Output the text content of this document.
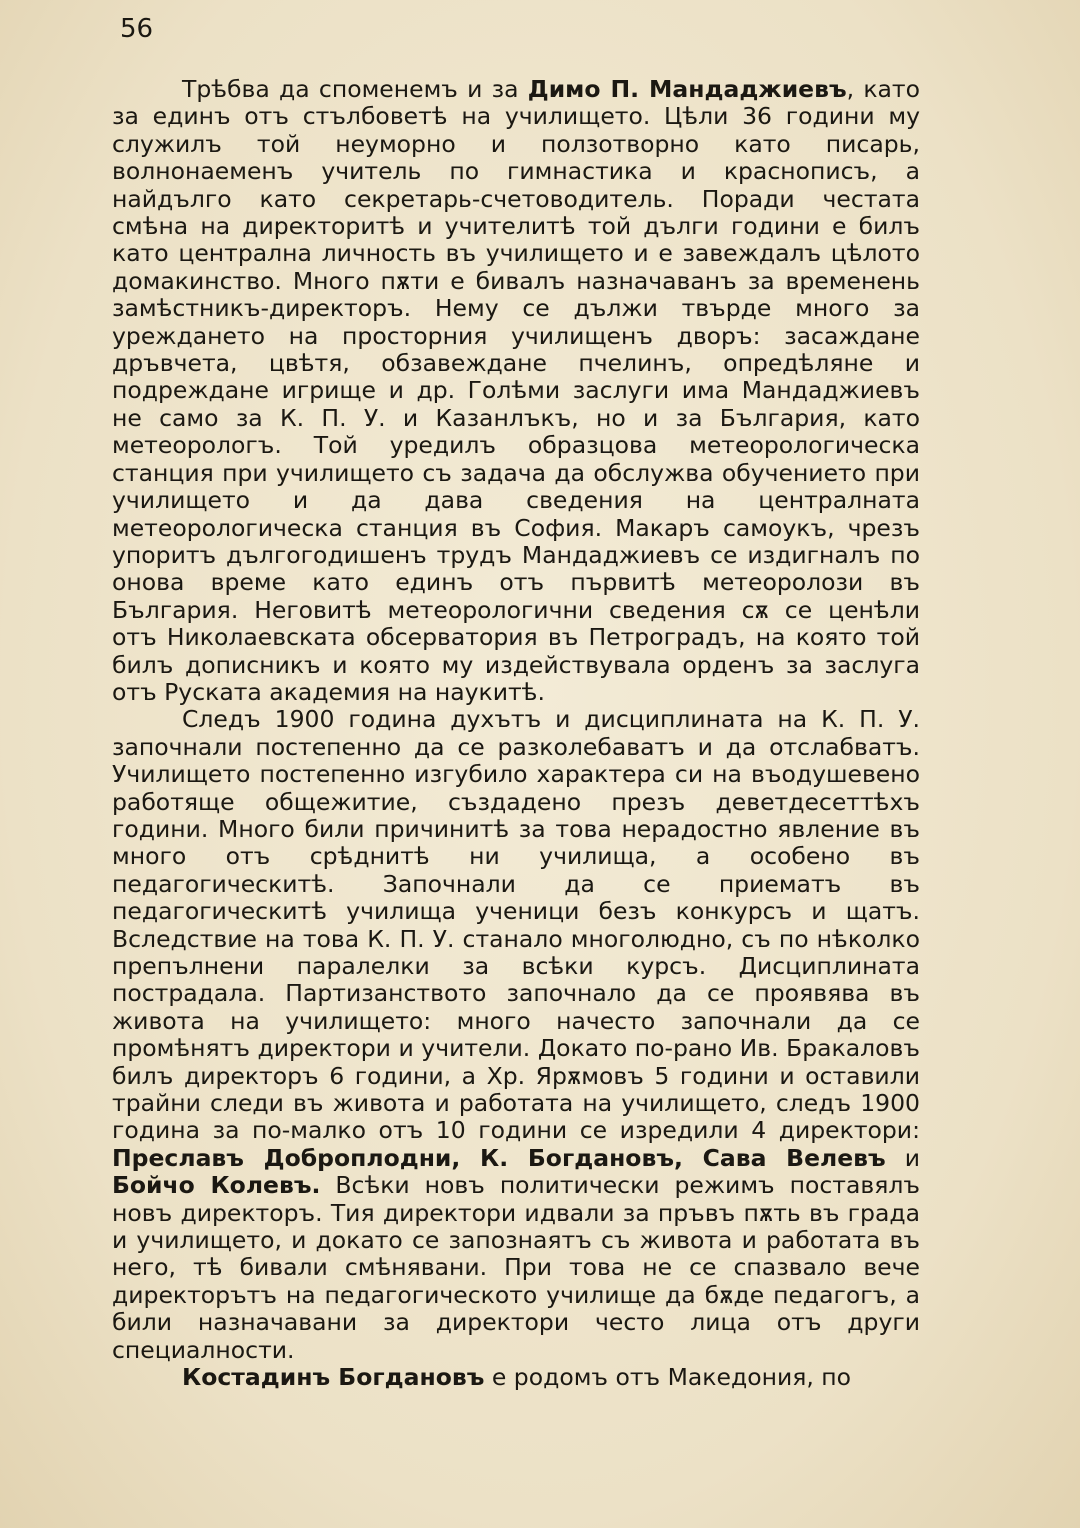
56

Трѣбва да споменемъ и за Димо П. Мандаджиевъ, като за единъ отъ стълбоветѣ на училището. Цѣли 36 години му служилъ той неуморно и ползотворно като писарь, волнонаеменъ учитель по гимнастика и краснописъ, а найдълго като секретарь-счетоводитель. Поради честата смѣна на директоритѣ и учителитѣ той дълги години е билъ като централна личность въ училището и е завеждалъ цѣлото домакинство. Много пѫти е бивалъ назначаванъ за временень замѣстникъ-директоръ. Нему се дължи твърде много за уреждането на просторния училищенъ дворъ: засаждане дръвчета, цвѣтя, обзавеждане пчелинъ, опредѣляне и подреждане игрище и др. Голѣми заслуги има Мандаджиевъ не само за К. П. У. и Казанлъкъ, но и за България, като метеорологъ. Той уредилъ образцова метеорологическа станция при училището съ задача да обслужва обучението при училището и да дава сведения на централната метеорологическа станция въ София. Макаръ самоукъ, чрезъ упоритъ дългогодишенъ трудъ Мандаджиевъ се издигналъ по онова време като единъ отъ първитѣ метеоролози въ България. Неговитѣ метеорологични сведения сѫ се ценѣли отъ Николаевската обсерватория въ Петроградъ, на която той билъ дописникъ и която му издействувала орденъ за заслуга отъ Руската академия на наукитѣ.

Следъ 1900 година духътъ и дисциплината на К. П. У. започнали постепенно да се разколебаватъ и да отслабватъ. Училището постепенно изгубило характера си на въодушевено работяще общежитие, създадено презъ деветдесеттѣхъ години. Много били причинитѣ за това нерадостно явление въ много отъ срѣднитѣ ни училища, а особено въ педагогическитѣ. Започнали да се приематъ въ педагогическитѣ училища ученици безъ конкурсъ и щатъ. Вследствие на това К. П. У. станало многолюдно, съ по нѣколко препълнени паралелки за всѣки курсъ. Дисциплината пострадала. Партизанството започнало да се проявява въ живота на училището: много начесто започнали да се промѣнятъ директори и учители. Докато по-рано Ив. Бракаловъ билъ директоръ 6 години, а Хр. Ярѫмовъ 5 години и оставили трайни следи въ живота и работата на училището, следъ 1900 година за по-малко отъ 10 години се изредили 4 директори: Преславъ Доброплодни, К. Богдановъ, Сава Велевъ и Бойчо Колевъ. Всѣки новъ политически режимъ поставялъ новъ директоръ. Тия директори идвали за пръвъ пѫть въ града и училището, и докато се запознаятъ съ живота и работата въ него, тѣ бивали смѣнявани. При това не се спазвало вече директорътъ на педагогическото училище да бѫде педагогъ, а били назначавани за директори често лица отъ други специалности.

Костадинъ Богдановъ е родомъ отъ Македония, по
